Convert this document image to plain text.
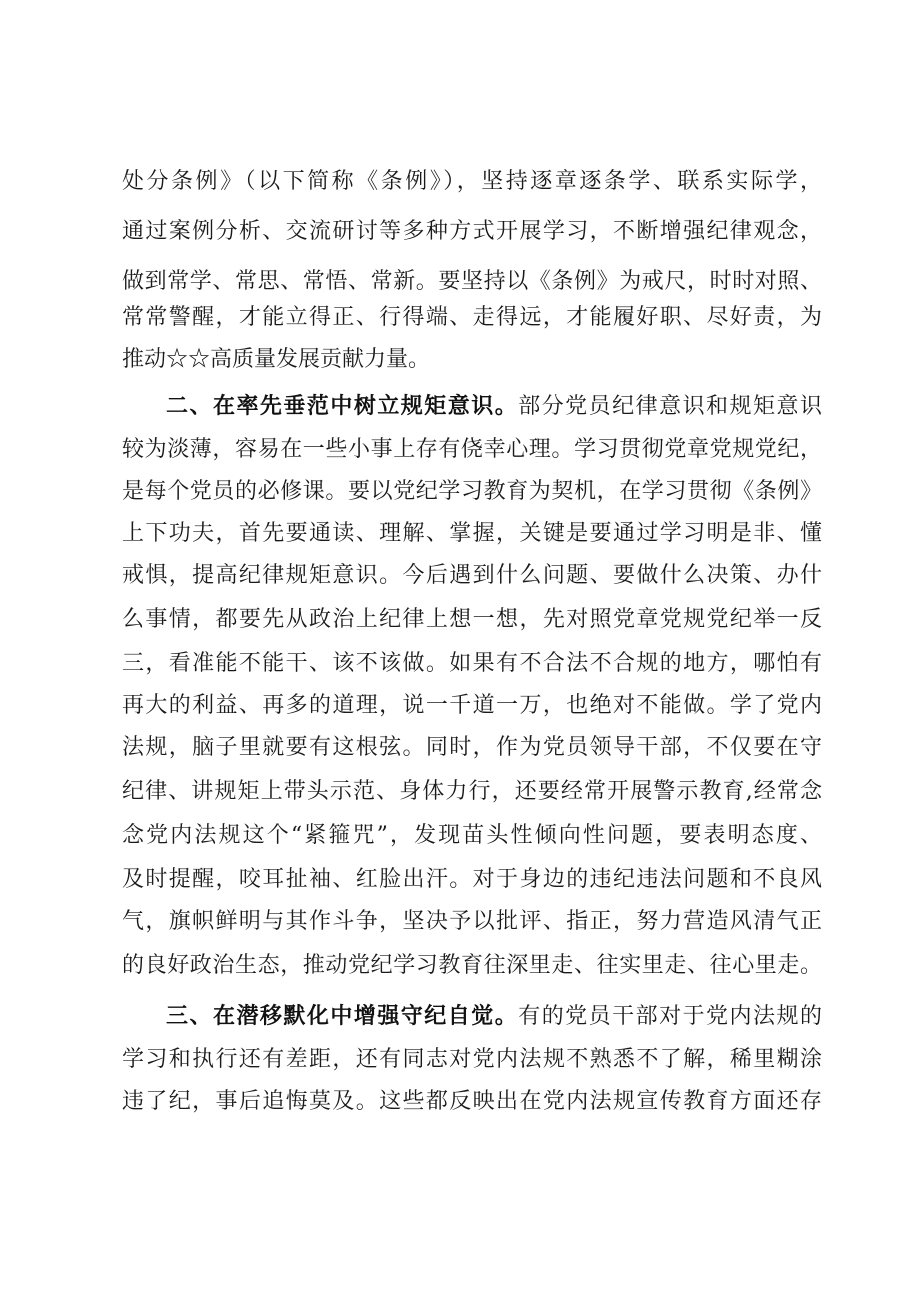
处分条例》（以下简称《条例》），坚持逐章逐条学、联系实际学，
通过案例分析、交流研讨等多种方式开展学习，不断增强纪律观念，
做到常学、常思、常悟、常新。要坚持以《条例》为戒尺，时时对照、
常常警醒，才能立得正、行得端、走得远，才能履好职、尽好责，为
推动☆☆高质量发展贡献力量。
二、在率先垂范中树立规矩意识。部分党员纪律意识和规矩意识
较为淡薄，容易在一些小事上存有侥幸心理。学习贯彻党章党规党纪，
是每个党员的必修课。要以党纪学习教育为契机，在学习贯彻《条例》
上下功夫，首先要通读、理解、掌握，关键是要通过学习明是非、懂
戒惧，提高纪律规矩意识。今后遇到什么问题、要做什么决策、办什
么事情，都要先从政治上纪律上想一想，先对照党章党规党纪举一反
三，看准能不能干、该不该做。如果有不合法不合规的地方，哪怕有
再大的利益、再多的道理，说一千道一万，也绝对不能做。学了党内
法规，脑子里就要有这根弦。同时，作为党员领导干部，不仅要在守
纪律、讲规矩上带头示范、身体力行，还要经常开展警示教育,经常念
念党内法规这个“紧箍咒”，发现苗头性倾向性问题，要表明态度、
及时提醒，咬耳扯袖、红脸出汗。对于身边的违纪违法问题和不良风
气，旗帜鲜明与其作斗争，坚决予以批评、指正，努力营造风清气正
的良好政治生态，推动党纪学习教育往深里走、往实里走、往心里走。
三、在潜移默化中增强守纪自觉。有的党员干部对于党内法规的
学习和执行还有差距，还有同志对党内法规不熟悉不了解，稀里糊涂
违了纪，事后追悔莫及。这些都反映出在党内法规宣传教育方面还存
